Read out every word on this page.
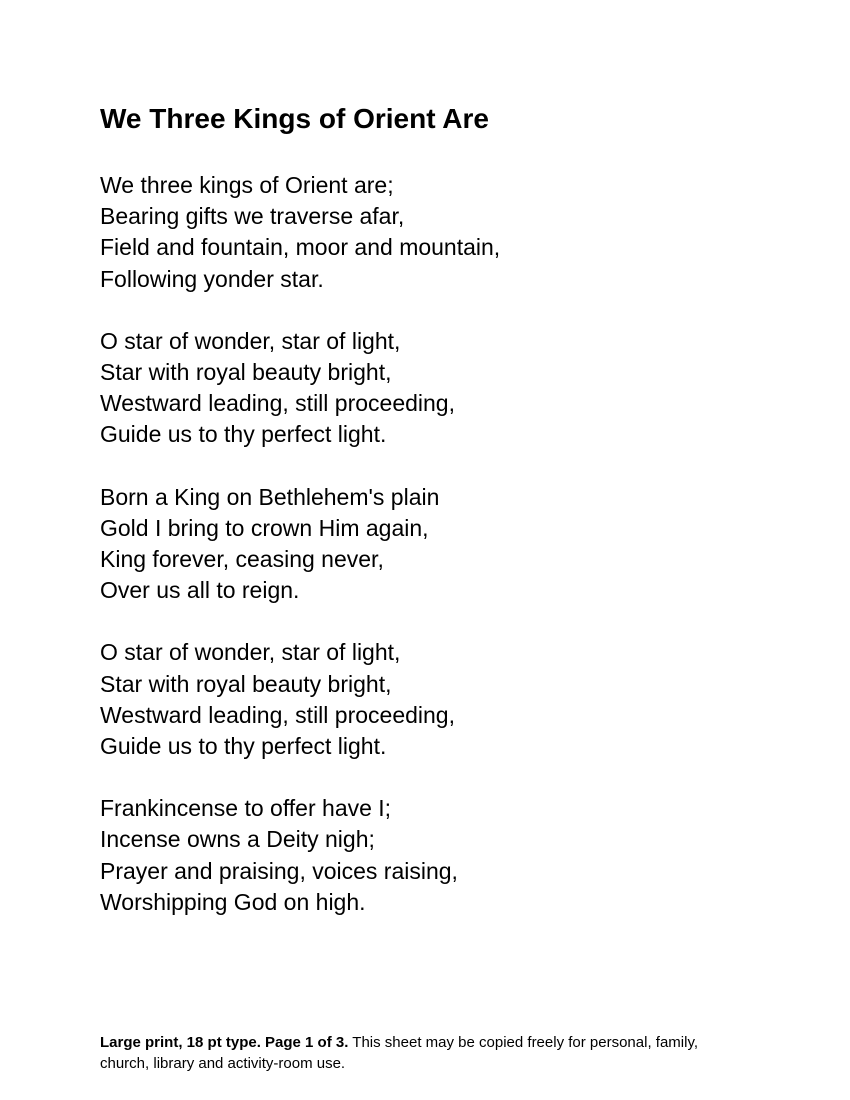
We Three Kings of Orient Are
We three kings of Orient are;
Bearing gifts we traverse afar,
Field and fountain, moor and mountain,
Following yonder star.
O star of wonder, star of light,
Star with royal beauty bright,
Westward leading, still proceeding,
Guide us to thy perfect light.
Born a King on Bethlehem's plain
Gold I bring to crown Him again,
King forever, ceasing never,
Over us all to reign.
O star of wonder, star of light,
Star with royal beauty bright,
Westward leading, still proceeding,
Guide us to thy perfect light.
Frankincense to offer have I;
Incense owns a Deity nigh;
Prayer and praising, voices raising,
Worshipping God on high.

Large print, 18 pt type. Page 1 of 3. This sheet may be copied freely for personal, family, church, library and activity-room use.
